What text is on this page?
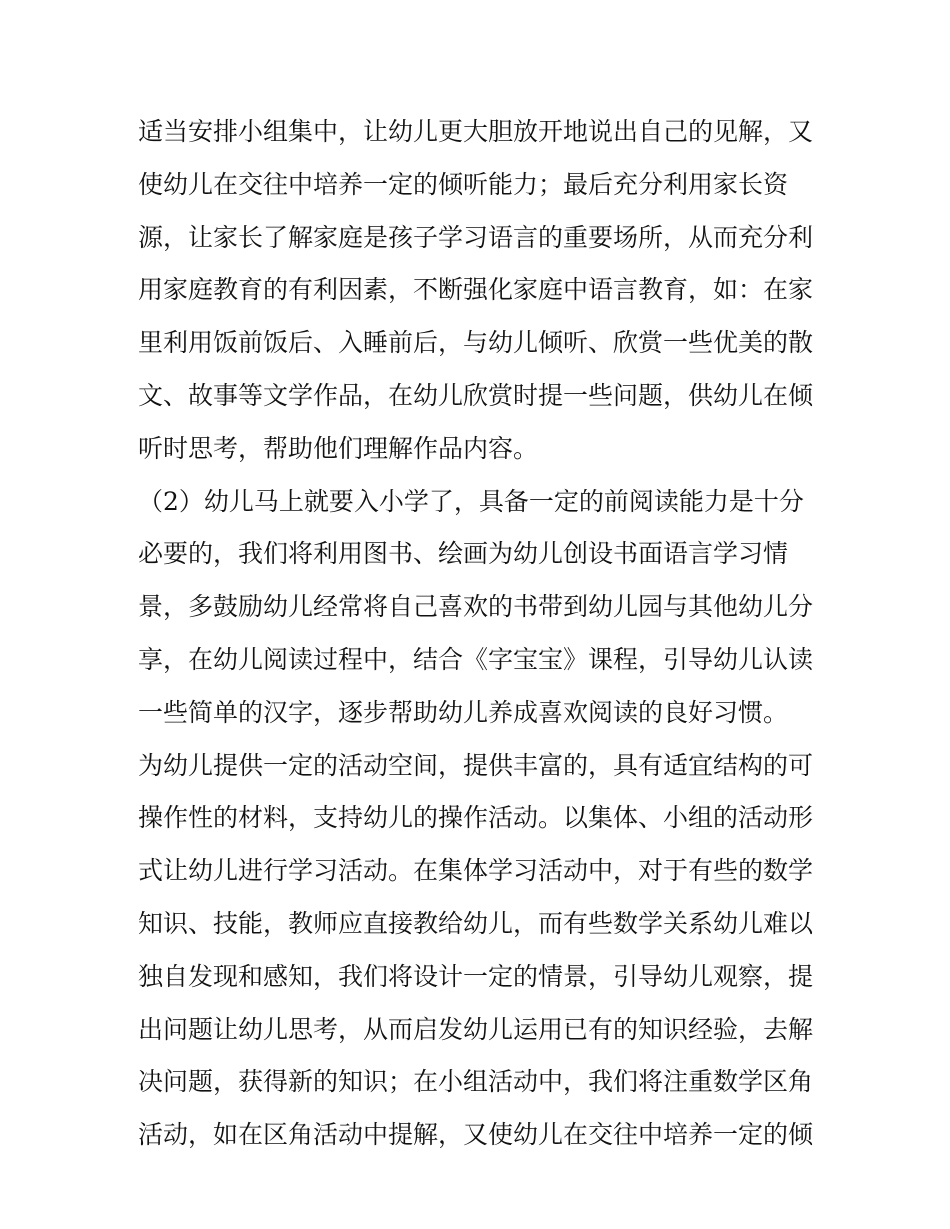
适当安排小组集中，让幼儿更大胆放开地说出自己的见解，又
使幼儿在交往中培养一定的倾听能力；最后充分利用家长资
源，让家长了解家庭是孩子学习语言的重要场所，从而充分利
用家庭教育的有利因素，不断强化家庭中语言教育，如：在家
里利用饭前饭后、入睡前后，与幼儿倾听、欣赏一些优美的散
文、故事等文学作品，在幼儿欣赏时提一些问题，供幼儿在倾
听时思考，帮助他们理解作品内容。
（2）幼儿马上就要入小学了，具备一定的前阅读能力是十分
必要的，我们将利用图书、绘画为幼儿创设书面语言学习情
景，多鼓励幼儿经常将自己喜欢的书带到幼儿园与其他幼儿分
享，在幼儿阅读过程中，结合《字宝宝》课程，引导幼儿认读
一些简单的汉字，逐步帮助幼儿养成喜欢阅读的良好习惯。
为幼儿提供一定的活动空间，提供丰富的，具有适宜结构的可
操作性的材料，支持幼儿的操作活动。以集体、小组的活动形
式让幼儿进行学习活动。在集体学习活动中，对于有些的数学
知识、技能，教师应直接教给幼儿，而有些数学关系幼儿难以
独自发现和感知，我们将设计一定的情景，引导幼儿观察，提
出问题让幼儿思考，从而启发幼儿运用已有的知识经验，去解
决问题，获得新的知识；在小组活动中，我们将注重数学区角
活动，如在区角活动中提解，又使幼儿在交往中培养一定的倾
